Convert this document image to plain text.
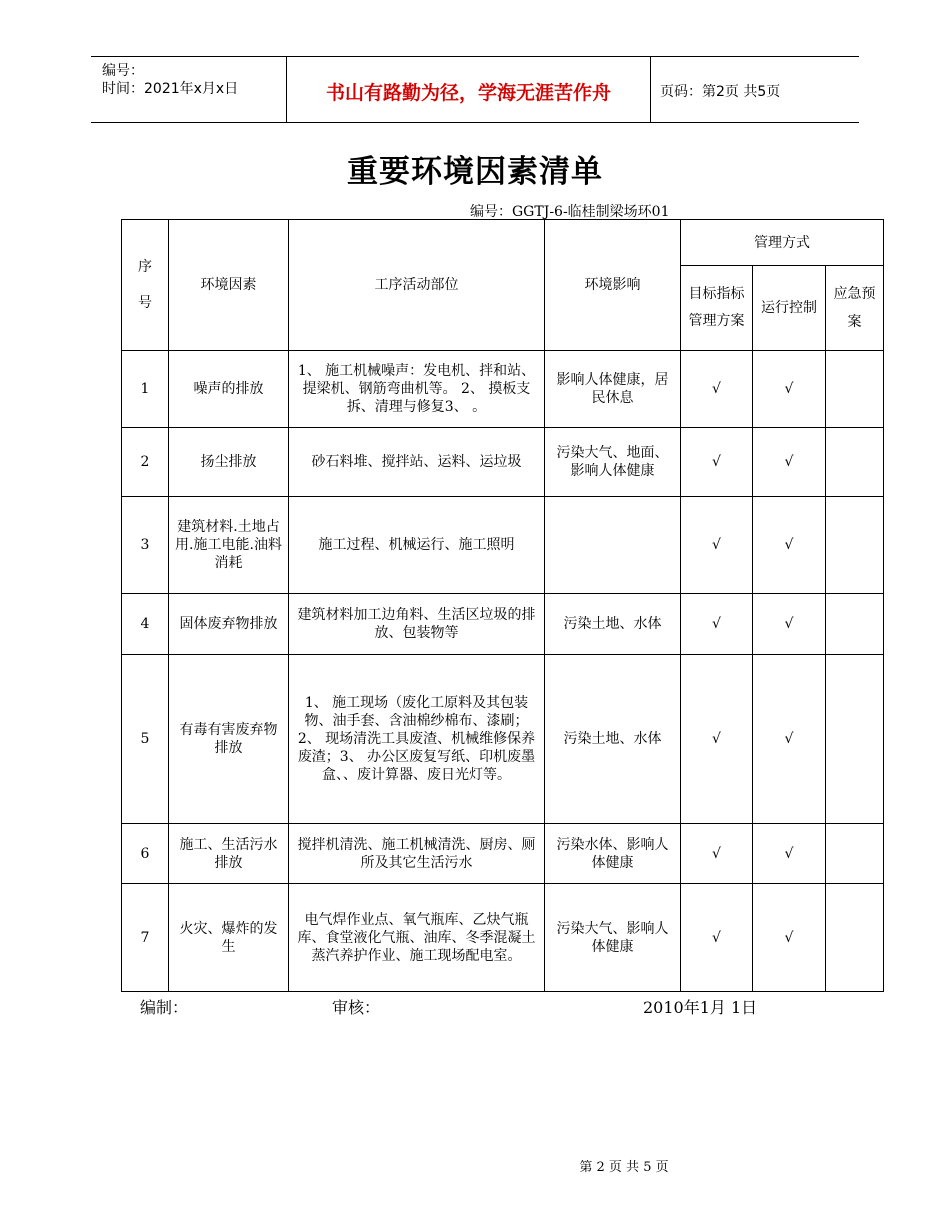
编号：
时间：2021年x月x日	书山有路勤为径，学海无涯苦作舟	页码：第2页 共5页
重要环境因素清单
编号：GGTJ-6-临桂制梁场环01
序

号	环境因素	工序活动部位	环境影响	管理方式		
				目标指标管理方案	运行控制	应急预案
1	噪声的排放	1、 施工机械噪声：发电机、拌和站、提梁机、钢筋弯曲机等。 2、 摸板支拆、清理与修复3、 。	影响人体健康，居民休息	√	√	
2	扬尘排放	砂石料堆、搅拌站、运料、运垃圾	污染大气、地面、影响人体健康	√	√	
3	建筑材料.土地占用.施工电能.油料消耗	施工过程、机械运行、施工照明		√	√	
4	固体废弃物排放	建筑材料加工边角料、生活区垃圾的排放、包装物等	污染土地、水体	√	√	
5	有毒有害废弃物排放	1、 施工现场（废化工原料及其包装物、油手套、含油棉纱棉布、漆刷；2、 现场清洗工具废渣、机械维修保养废渣；3、 办公区废复写纸、印机废墨盒、、废计算器、废日光灯等。	污染土地、水体	√	√	
6	施工、生活污水排放	搅拌机清洗、施工机械清洗、厨房、厕所及其它生活污水	污染水体、影响人体健康	√	√	
7	火灾、爆炸的发生	电气焊作业点、氧气瓶库、乙炔气瓶库、食堂液化气瓶、油库、冬季混凝土蒸汽养护作业、施工现场配电室。	污染大气、影响人体健康	√	√	
编制：	审核：	2010年1月 1日
第 2 页 共 5 页
